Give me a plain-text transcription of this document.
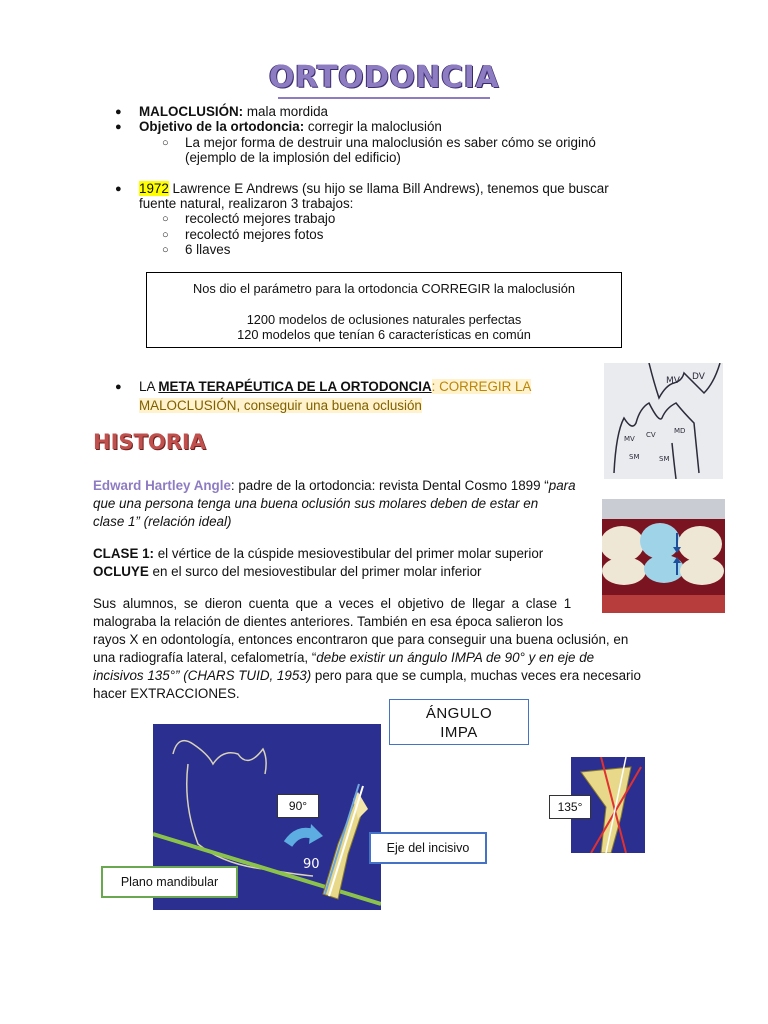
ORTODONCIA
● MALOCLUSIÓN: mala mordida
● Objetivo de la ortodoncia: corregir la maloclusión
○ La mejor forma de destruir una maloclusión es saber cómo se originó
(ejemplo de la implosión del edificio)
● 1972 Lawrence E Andrews (su hijo se llama Bill Andrews), tenemos que buscar
fuente natural, realizaron 3 trabajos:
○ recolectó mejores trabajo
○ recolectó mejores fotos
○ 6 llaves
Nos dio el parámetro para la ortodoncia CORREGIR la maloclusión
1200 modelos de oclusiones naturales perfectas
120 modelos que tenían 6 características en común
● LA META TERAPÉUTICA DE LA ORTODONCIA: CORREGIR LA
MALOCLUSIÓN, conseguir una buena oclusión
MV DV
MV CV	MD
SM	SM
HISTORIA
Edward Hartley Angle: padre de la ortodoncia: revista Dental Cosmo 1899 “para
que una persona tenga una buena oclusión sus molares deben de estar en
clase 1” (relación ideal)
CLASE 1: el vértice de la cúspide mesiovestibular del primer molar superior
OCLUYE en el surco del mesiovestibular del primer molar inferior
Sus alumnos, se dieron cuenta que a veces el objetivo de llegar a clase 1
malograba la relación de dientes anteriores. También en esa época salieron los
rayos X en odontología, entonces encontraron que para conseguir una buena oclusión, en
una radiografía lateral, cefalometría, “debe existir un ángulo IMPA de 90° y en eje de
incisivos 135°” (CHARS TUID, 1953) pero para que se cumpla, muchas veces era necesario
hacer EXTRACCIONES.
ÁNGULO
IMPA
90
90°
Eje del incisivo
Plano mandibular
135°
